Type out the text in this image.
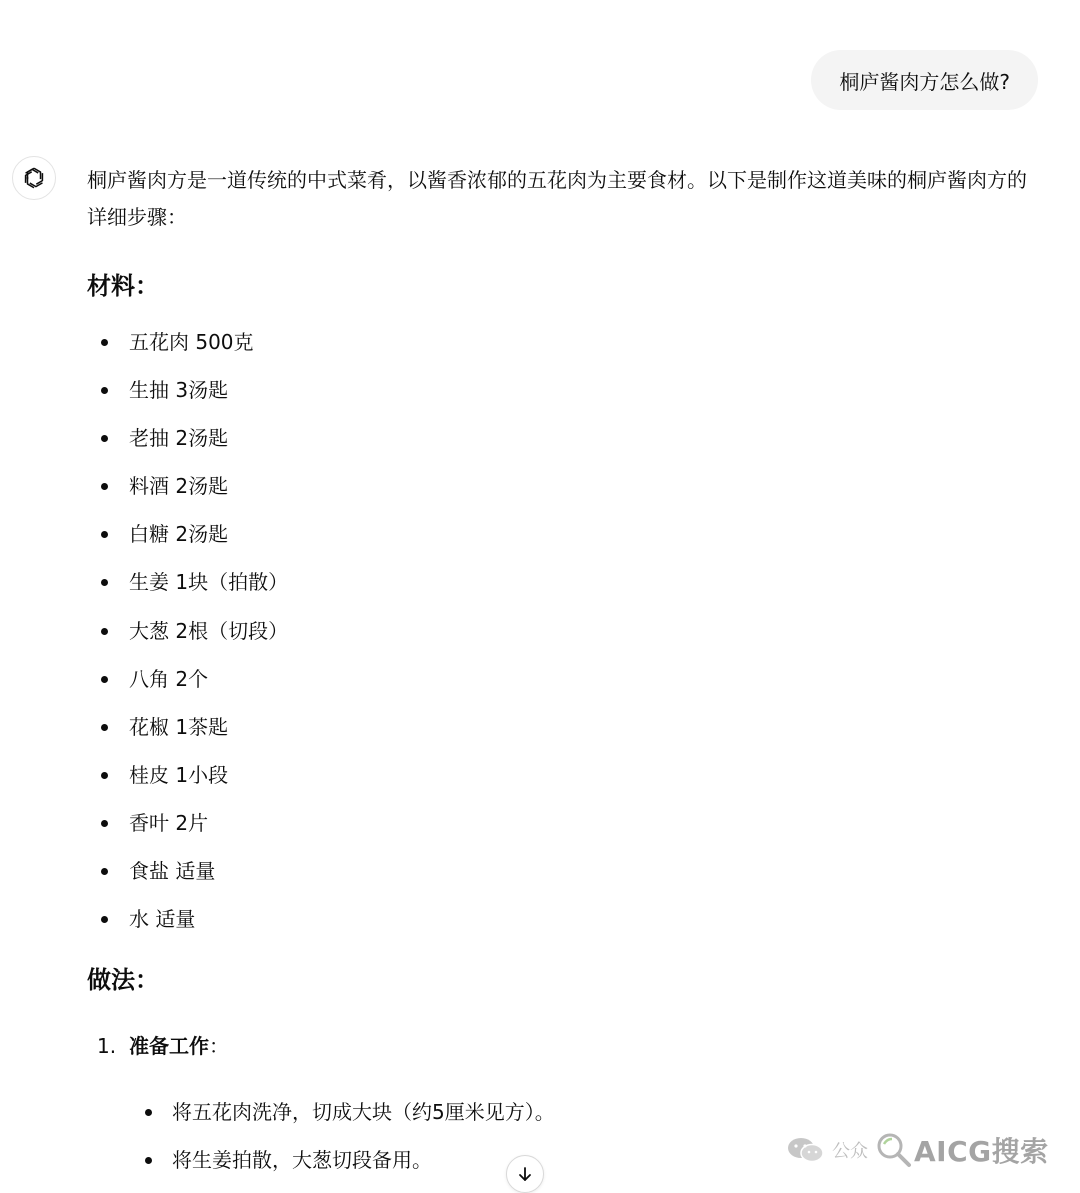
桐庐酱肉方怎么做?

桐庐酱肉方是一道传统的中式菜肴，以酱香浓郁的五花肉为主要食材。以下是制作这道美味的桐庐酱肉方的详细步骤：

材料：
五花肉 500克
生抽 3汤匙
老抽 2汤匙
料酒 2汤匙
白糖 2汤匙
生姜 1块（拍散）
大葱 2根（切段）
八角 2个
花椒 1茶匙
桂皮 1小段
香叶 2片
食盐 适量
水 适量
做法：
1. 准备工作：
将五花肉洗净，切成大块（约5厘米见方）。
将生姜拍散，大葱切段备用。	公众 AICG搜索
